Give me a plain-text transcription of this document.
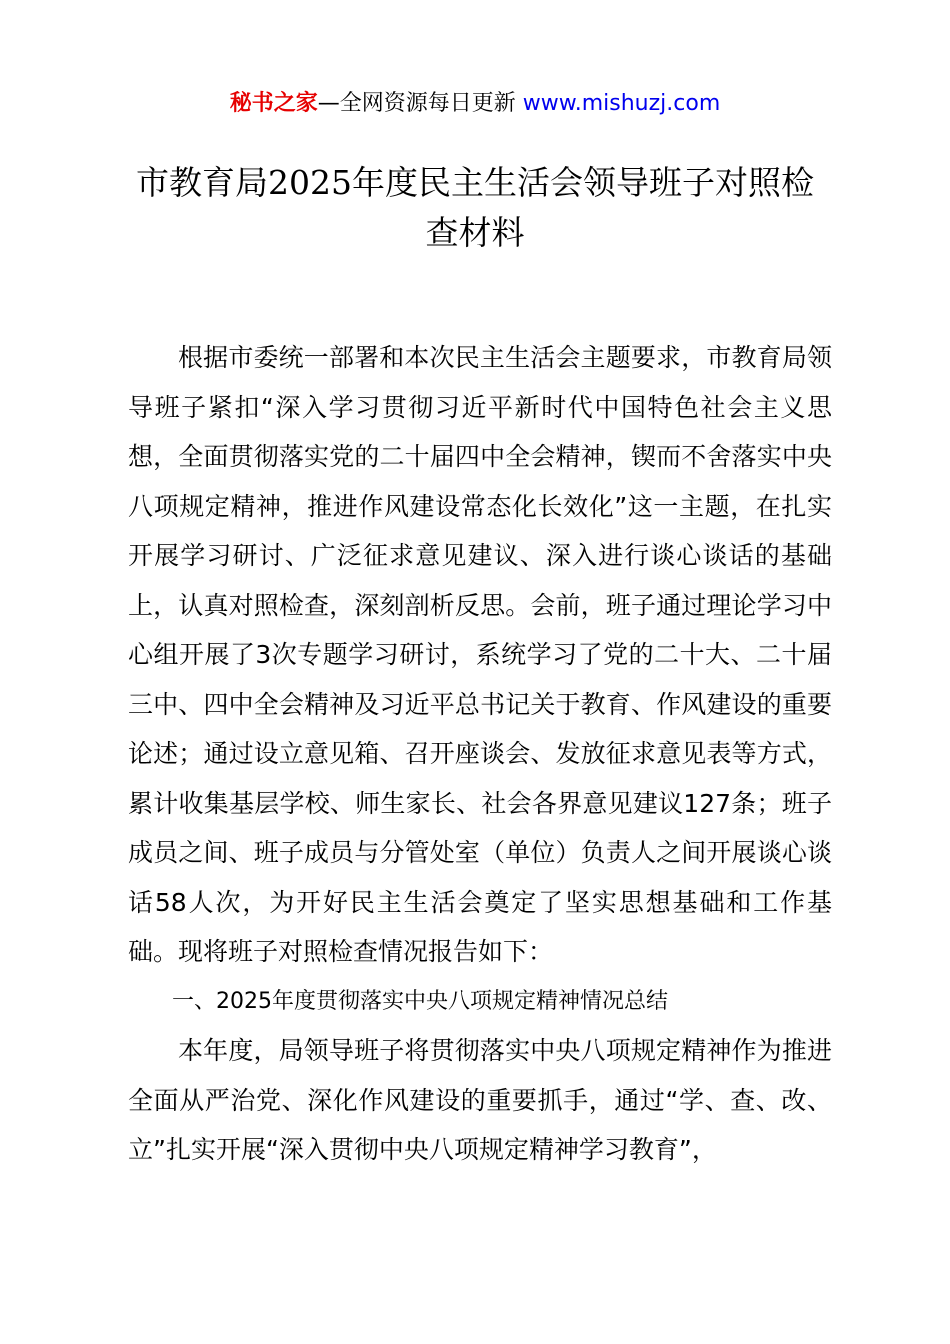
秘书之家—全网资源每日更新 www.mishuzj.com
市教育局2025年度民主生活会领导班子对照检查材料

根据市委统一部署和本次民主生活会主题要求，市教育局领导班子紧扣“深入学习贯彻习近平新时代中国特色社会主义思想，全面贯彻落实党的二十届四中全会精神，锲而不舍落实中央八项规定精神，推进作风建设常态化长效化”这一主题，在扎实开展学习研讨、广泛征求意见建议、深入进行谈心谈话的基础上，认真对照检查，深刻剖析反思。会前，班子通过理论学习中心组开展了3次专题学习研讨，系统学习了党的二十大、二十届三中、四中全会精神及习近平总书记关于教育、作风建设的重要论述；通过设立意见箱、召开座谈会、发放征求意见表等方式，累计收集基层学校、师生家长、社会各界意见建议127条；班子成员之间、班子成员与分管处室（单位）负责人之间开展谈心谈话58人次，为开好民主生活会奠定了坚实思想基础和工作基础。现将班子对照检查情况报告如下：

一、2025年度贯彻落实中央八项规定精神情况总结

本年度，局领导班子将贯彻落实中央八项规定精神作为推进全面从严治党、深化作风建设的重要抓手，通过“学、查、改、立”扎实开展“深入贯彻中央八项规定精神学习教育”，
